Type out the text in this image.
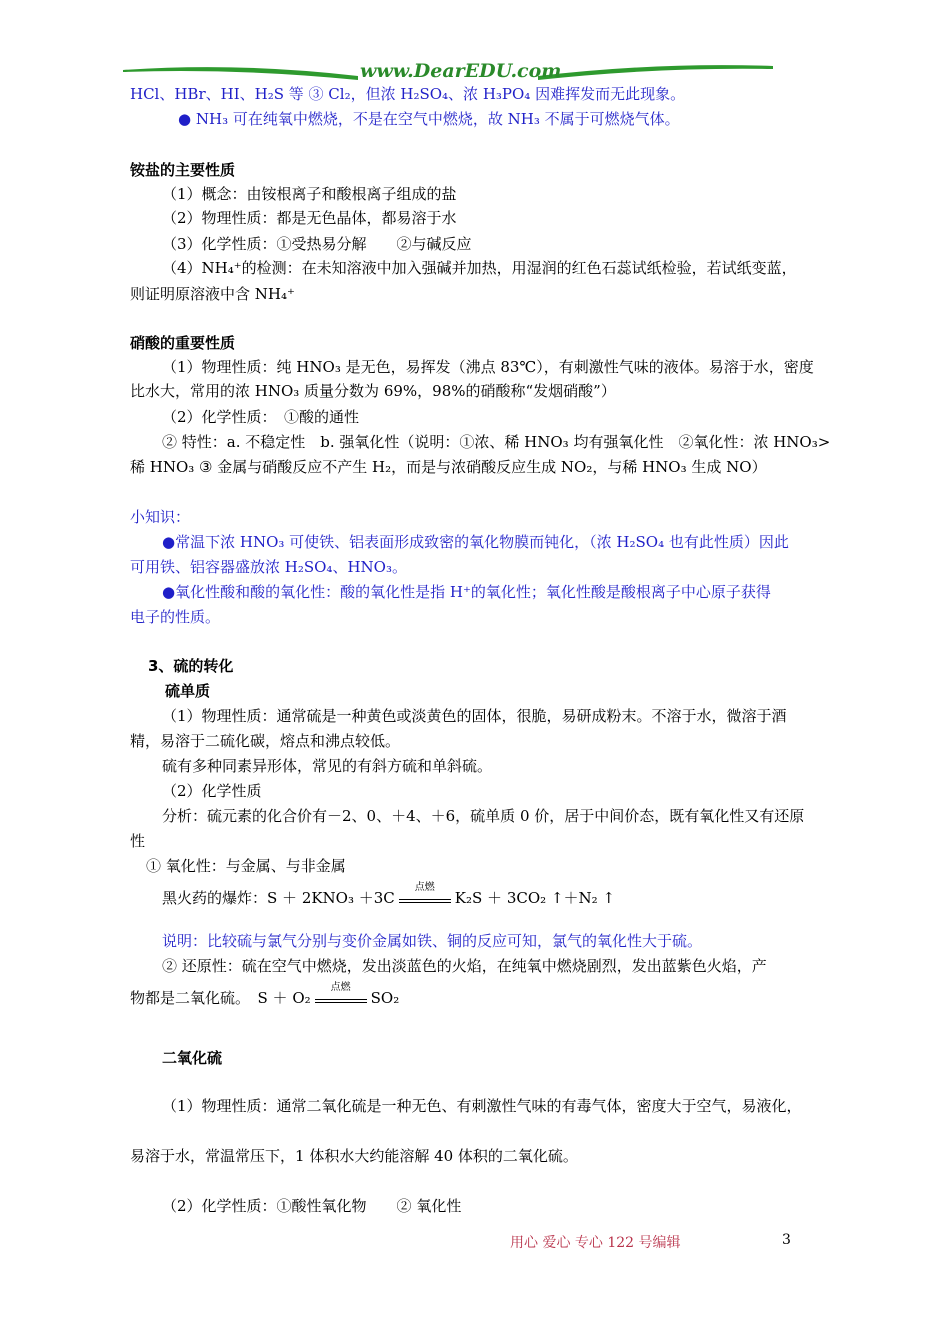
www.DearEDU.com
HCl、HBr、HI、H₂S 等 ③ Cl₂，但浓 H₂SO₄、浓 H₃PO₄ 因难挥发而无此现象。
● NH₃ 可在纯氧中燃烧，不是在空气中燃烧，故 NH₃ 不属于可燃烧气体。
铵盐的主要性质
（1）概念：由铵根离子和酸根离子组成的盐
（2）物理性质：都是无色晶体，都易溶于水
（3）化学性质：①受热易分解　　②与碱反应
（4）NH₄⁺的检测：在未知溶液中加入强碱并加热，用湿润的红色石蕊试纸检验，若试纸变蓝，
则证明原溶液中含 NH₄⁺
硝酸的重要性质
（1）物理性质：纯 HNO₃ 是无色，易挥发（沸点 83℃），有刺激性气味的液体。易溶于水，密度
比水大，常用的浓 HNO₃ 质量分数为 69%，98%的硝酸称“发烟硝酸”）
（2）化学性质：　①酸的通性
② 特性：a. 不稳定性　b. 强氧化性（说明：①浓、稀 HNO₃ 均有强氧化性　②氧化性：浓 HNO₃>
稀 HNO₃ ③ 金属与硝酸反应不产生 H₂，而是与浓硝酸反应生成 NO₂，与稀 HNO₃ 生成 NO）
小知识：
●常温下浓 HNO₃ 可使铁、铝表面形成致密的氧化物膜而钝化，（浓 H₂SO₄ 也有此性质）因此
可用铁、铝容器盛放浓 H₂SO₄、HNO₃。
●氧化性酸和酸的氧化性：酸的氧化性是指 H⁺的氧化性；氧化性酸是酸根离子中心原子获得
电子的性质。
3、硫的转化
硫单质
（1）物理性质：通常硫是一种黄色或淡黄色的固体，很脆，易研成粉末。不溶于水，微溶于酒
精，易溶于二硫化碳，熔点和沸点较低。
硫有多种同素异形体，常见的有斜方硫和单斜硫。
（2）化学性质
分析：硫元素的化合价有－2、0、＋4、＋6，硫单质 0 价，居于中间价态，既有氧化性又有还原
性
① 氧化性：与金属、与非金属
黑火药的爆炸：S ＋ 2KNO₃ ＋3C
点燃
K₂S ＋ 3CO₂ ↑＋N₂ ↑
说明：比较硫与氯气分别与变价金属如铁、铜的反应可知，氯气的氧化性大于硫。
② 还原性：硫在空气中燃烧，发出淡蓝色的火焰，在纯氧中燃烧剧烈，发出蓝紫色火焰，产
物都是二氧化硫。　S ＋ O₂
点燃
SO₂
二氧化硫
（1）物理性质：通常二氧化硫是一种无色、有刺激性气味的有毒气体，密度大于空气，易液化，
易溶于水，常温常压下，1 体积水大约能溶解 40 体积的二氧化硫。
（2）化学性质：①酸性氧化物　　② 氧化性
用心 爱心 专心 122 号编辑	3
